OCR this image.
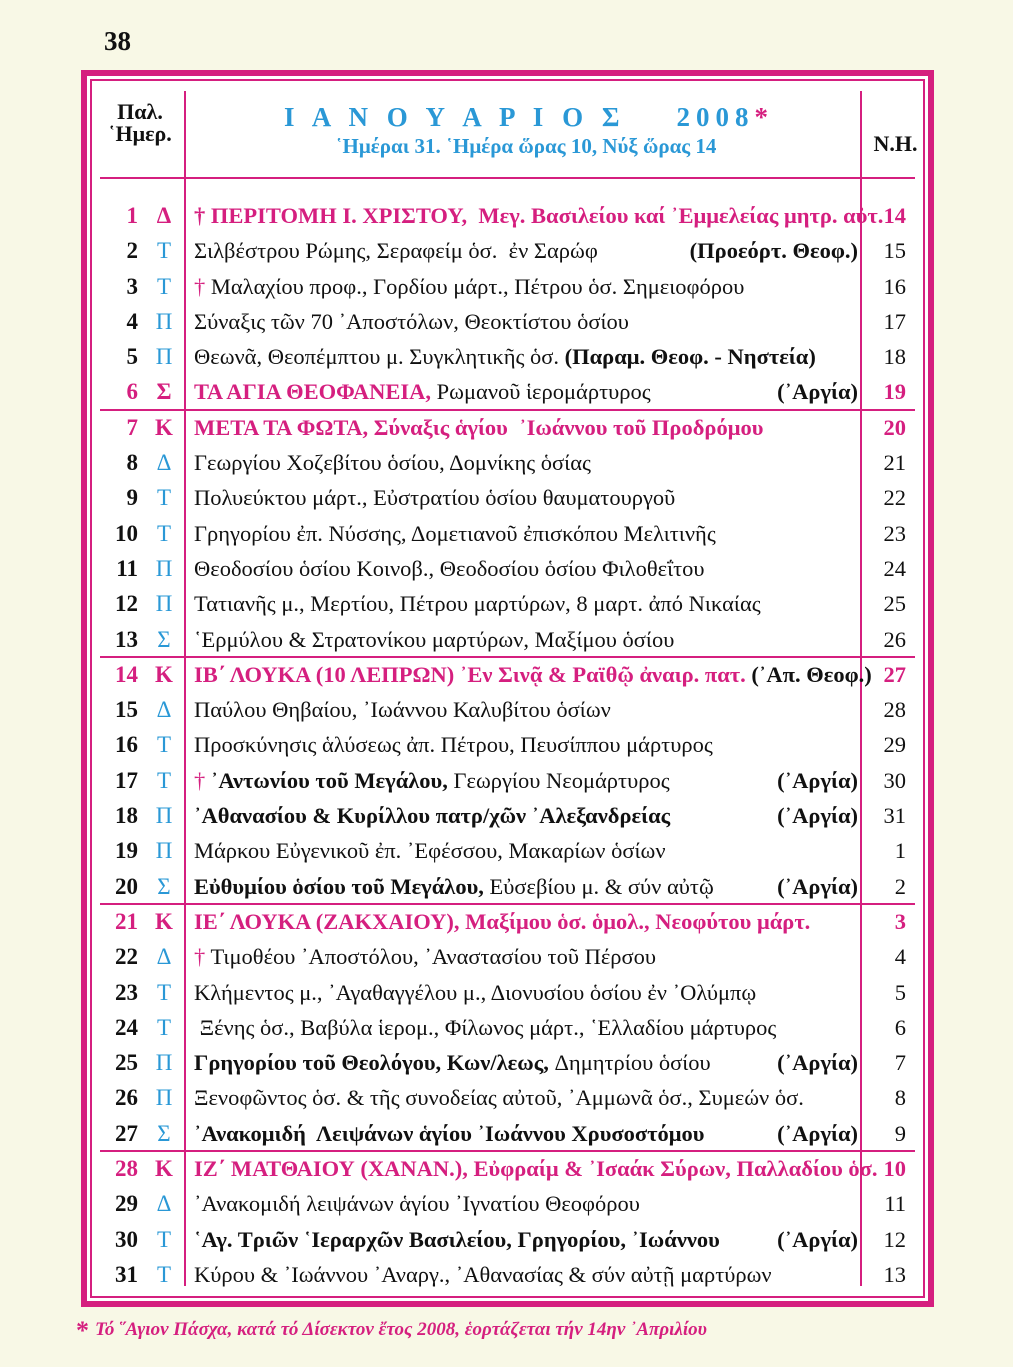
38
Παλ.
῾Ημερ.
Ι Α Ν Ο Υ Α Ρ Ι Ο Σ    2008*
῾Ημέραι 31. ῾Ημέρα ὥρας 10, Νύξ ὥρας 14	Ν.Η.
1 Δ	† ΠΕΡΙΤΟΜΗ Ι. ΧΡΙΣΤΟΥ,  Μεγ. Βασιλείου καί ᾿Εμμελείας μητρ. αὐτ. 14
2 Τ	Σιλβέστρου Ρώμης, Σεραφείμ ὁσ.  ἐν Σαρώφ	(Προεόρτ. Θεοφ.)	15
3 Τ	† Μαλαχίου προφ., Γορδίου μάρτ., Πέτρου ὁσ. Σημειοφόρου	16
4 Π Σύναξις τῶν 70 ᾿Αποστόλων, Θεοκτίστου ὁσίου	17
5 Π Θεωνᾶ, Θεοπέμπτου μ. Συγκλητικῆς ὁσ. (Παραμ. Θεοφ. - Νηστεία)	18
6 Σ ΤΑ ΑΓΙΑ ΘΕΟΦΑΝΕΙΑ, Ρωμανοῦ ἱερομάρτυρος	(᾿Αργία)	19
7 Κ ΜΕΤΑ ΤΑ ΦΩΤΑ, Σύναξις ἁγίου  ᾿Ιωάννου τοῦ Προδρόμου	20
8 Δ	Γεωργίου Χοζεβίτου ὁσίου, Δομνίκης ὁσίας	21
9 Τ	Πολυεύκτου μάρτ., Εὐστρατίου ὁσίου θαυματουργοῦ	22
10 Τ	Γρηγορίου ἐπ. Νύσσης, Δομετιανοῦ ἐπισκόπου Μελιτινῆς	23
11 Π Θεοδοσίου ὁσίου Κοινοβ., Θεοδοσίου ὁσίου Φιλοθεΐτου	24
12 Π Τατιανῆς μ., Μερτίου, Πέτρου μαρτύρων, 8 μαρτ. ἀπό Νικαίας	25
13 Σ	῾Ερμύλου & Στρατονίκου μαρτύρων, Μαξίμου ὁσίου	26
14 Κ ΙΒ΄ ΛΟΥΚΑ (10 ΛΕΠΡΩΝ) ᾿Εν Σινᾷ & Ραϊθῷ ἀναιρ. πατ. (᾿Απ. Θεοφ.) 27
15 Δ	Παύλου Θηβαίου, ᾿Ιωάννου Καλυβίτου ὁσίων	28
16 Τ	Προσκύνησις ἁλύσεως ἀπ. Πέτρου, Πευσίππου μάρτυρος	29
17 Τ	† ᾿Αντωνίου τοῦ Μεγάλου, Γεωργίου Νεομάρτυρος	(᾿Αργία)	30
18 Π ᾿Αθανασίου & Κυρίλλου πατρ/χῶν ᾿Αλεξανδρείας	(᾿Αργία)	31
19 Π Μάρκου Εὐγενικοῦ ἐπ. ᾿Εφέσσου, Μακαρίων ὁσίων	1
20 Σ	Εὐθυμίου ὁσίου τοῦ Μεγάλου, Εὐσεβίου μ. & σύν αὐτῷ	(᾿Αργία)	2
21 Κ ΙΕ΄ ΛΟΥΚΑ (ΖΑΚΧΑΙΟΥ), Μαξίμου ὁσ. ὁμολ., Νεοφύτου μάρτ.	3
22 Δ	† Τιμοθέου ᾿Αποστόλου, ᾿Αναστασίου τοῦ Πέρσου	4
23 Τ	Κλήμεντος μ., ᾿Αγαθαγγέλου μ., Διονυσίου ὁσίου ἐν ᾿Ολύμπῳ	5
24 Τ	Ξένης ὁσ., Βαβύλα ἱερομ., Φίλωνος μάρτ., ῾Ελλαδίου μάρτυρος	6
25 Π Γρηγορίου τοῦ Θεολόγου, Κων/λεως, Δημητρίου ὁσίου	(᾿Αργία)	7
26 Π Ξενοφῶντος ὁσ. & τῆς συνοδείας αὐτοῦ, ᾿Αμμωνᾶ ὁσ., Συμεών ὁσ.	8
27 Σ	᾿Ανακομιδή  Λειψάνων ἁγίου ᾿Ιωάννου Χρυσοστόμου	(᾿Αργία)	9
28 Κ ΙΖ΄ ΜΑΤΘΑΙΟΥ (ΧΑΝΑΝ.), Εὐφραίμ & ᾿Ισαάκ Σύρων, Παλλαδίου ὁσ. 10
29 Δ	᾿Ανακομιδή λειψάνων ἁγίου ᾿Ιγνατίου Θεοφόρου	11
30 Τ	῾Αγ. Τριῶν ῾Ιεραρχῶν Βασιλείου, Γρηγορίου, ᾿Ιωάννου	(᾿Αργία)	12
31 Τ	Κύρου & ᾿Ιωάννου ᾿Αναργ., ᾿Αθανασίας & σύν αὐτῇ μαρτύρων	13
* Τό ῞Αγιον Πάσχα, κατά τό Δίσεκτον ἔτος 2008, ἑορτάζεται τήν 14ην ᾿Απριλίου
